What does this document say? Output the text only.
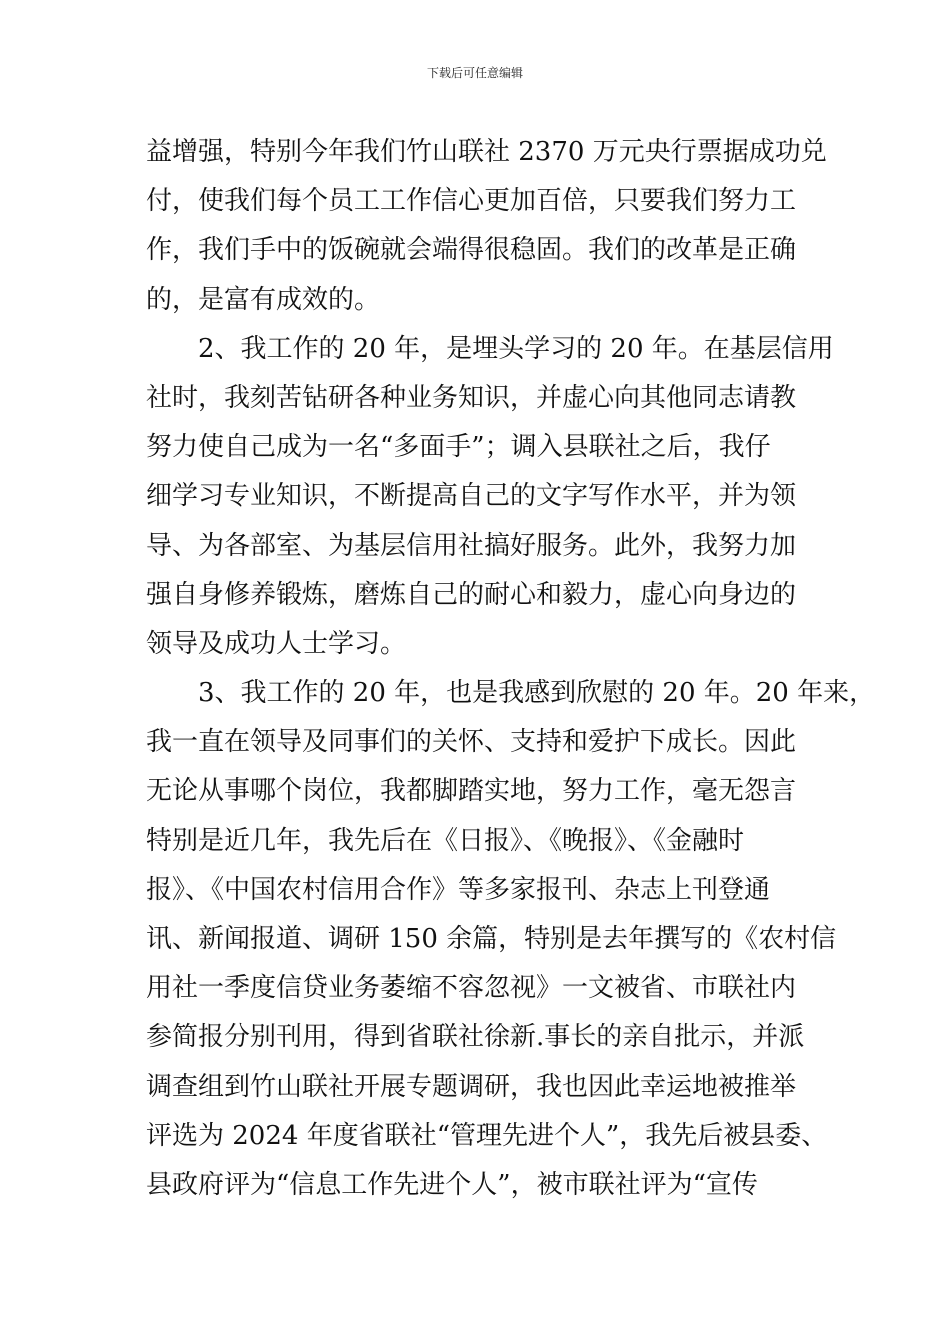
下载后可任意编辑
益增强，特别今年我们竹山联社 2370 万元央行票据成功兑
付，使我们每个员工工作信心更加百倍，只要我们努力工
作，我们手中的饭碗就会端得很稳固。我们的改革是正确
的，是富有成效的。
2、我工作的 20 年，是埋头学习的 20 年。在基层信用
社时，我刻苦钻研各种业务知识，并虚心向其他同志请教
努力使自己成为一名“多面手”；调入县联社之后，我仔
细学习专业知识，不断提高自己的文字写作水平，并为领
导、为各部室、为基层信用社搞好服务。此外，我努力加
强自身修养锻炼，磨炼自己的耐心和毅力，虚心向身边的
领导及成功人士学习。
3、我工作的 20 年，也是我感到欣慰的 20 年。20 年来，
我一直在领导及同事们的关怀、支持和爱护下成长。因此
无论从事哪个岗位，我都脚踏实地，努力工作，毫无怨言
特别是近几年，我先后在《日报》、《晚报》、《金融时
报》、《中国农村信用合作》等多家报刊、杂志上刊登通
讯、新闻报道、调研 150 余篇，特别是去年撰写的《农村信
用社一季度信贷业务萎缩不容忽视》一文被省、市联社内
参简报分别刊用，得到省联社徐新.事长的亲自批示，并派
调查组到竹山联社开展专题调研，我也因此幸运地被推举
评选为 2024 年度省联社“管理先进个人”，我先后被县委、
县政府评为“信息工作先进个人”，被市联社评为“宣传
